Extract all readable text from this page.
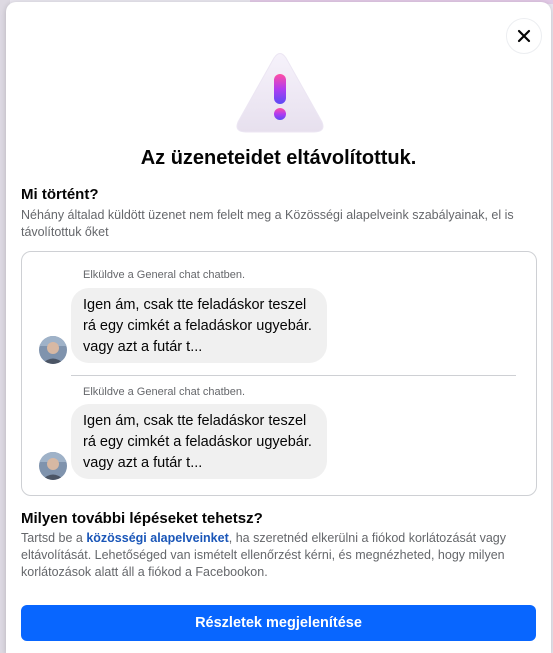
Az üzeneteidet eltávolítottuk.
Mi történt?
Néhány általad küldött üzenet nem felelt meg a Közösségi alapelveink szabályainak, el is távolítottuk őket
Elküldve a General chat chatben.
Igen ám, csak tte feladáskor teszel rá egy cimkét a feladáskor ugyebár. vagy azt a futár t...
Elküldve a General chat chatben.
Igen ám, csak tte feladáskor teszel rá egy cimkét a feladáskor ugyebár. vagy azt a futár t...
Milyen további lépéseket tehetsz?
Tartsd be a közösségi alapelveinket, ha szeretnéd elkerülni a fiókod korlátozását vagy eltávolítását. Lehetőséged van ismételt ellenőrzést kérni, és megnézheted, hogy milyen korlátozások alatt áll a fiókod a Facebookon.
Részletek megjelenítése
